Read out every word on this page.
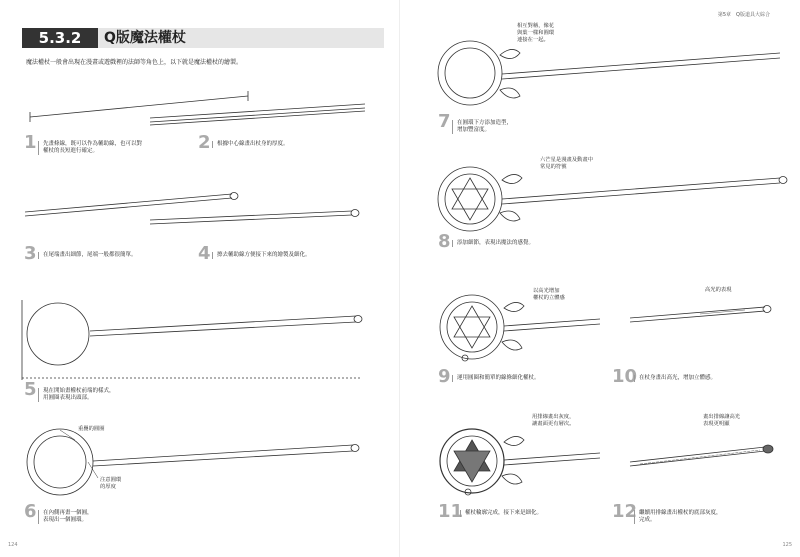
5.3.2	Q版魔法權杖
魔法權杖一般會出現在漫畫或遊戲裡的法師等角色上，以下就是魔法權杖的繪製。
1	先畫條線，既可以作為輔助線，也可以對
權杖的長短進行確定。	2	根據中心線畫出杖身的厚度。
3	在尾端畫出細節，尾端一般都很簡單。	4	擦去輔助線方便接下來的繪製及細化。
5	現在開始畫權杖前端的樣式，
用圓圈表現出頭部。
6	在內側再畫一個圓，
表現出一個圓環。
重疊的圓圈
注意圓環
的厚度
124
第5章　Q版道具大綜合
相互對稱，像花
與葉一樣和圓環
連接在一起。
六芒星是漫畫及動畫中
常見的符號
以高光增加
權杖的立體感
高光的表現
用排線畫出灰度，
讓畫面更有層次。
畫出排線讓高光
表現更明顯
7	在圓環下方添加造型，
增加豐富度。
8	添加細節，表現出魔法的感覺。
9	運用圓圈和簡單的線條細化權杖。	10 在杖身畫出高光，增加立體感。
11 權杖輪廓完成，接下來是細化。	12 繼續用排線畫出權杖的底部灰度，
完成。
125
